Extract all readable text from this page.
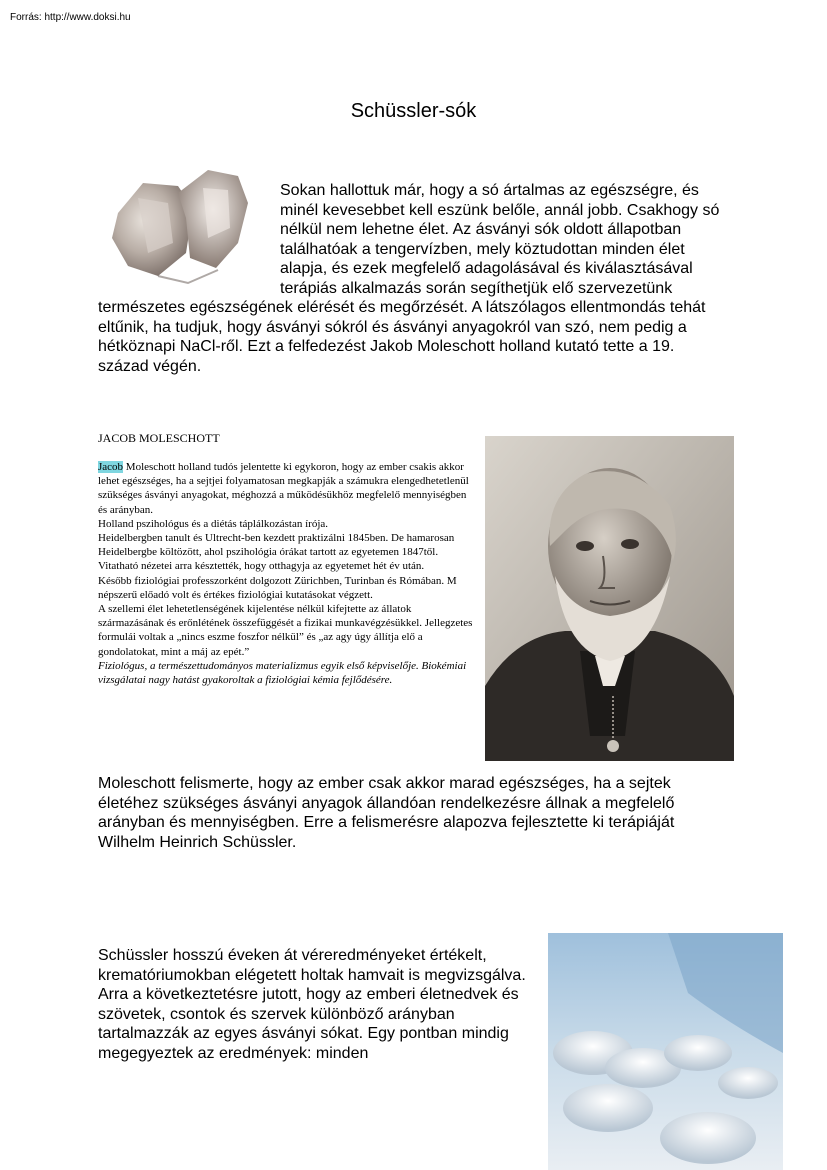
Forrás: http://www.doksi.hu
Schüssler-sók
Sokan hallottuk már, hogy a só ártalmas az egészségre, és minél kevesebbet kell eszünk belőle, annál jobb. Csakhogy só nélkül nem lehetne élet. Az ásványi sók oldott állapotban találhatóak a tengervízben, mely köztudottan minden élet alapja, és ezek megfelelő adagolásával és kiválasztásával terápiás alkalmazás során segíthetjük elő szervezetünk természetes egészségének elérését és megőrzését. A látszólagos ellentmondás tehát eltűnik, ha tudjuk, hogy ásványi sókról és ásványi anyagokról van szó, nem pedig a hétköznapi NaCl-ről. Ezt a felfedezést Jakob Moleschott holland kutató tette a 19. század végén.
JACOB MOLESCHOTT

Jacob Moleschott holland tudós jelentette ki egykoron, hogy az ember csakis akkor lehet egészséges, ha a sejtjei folyamatosan megkapják a számukra elengedhetetlenül szükséges ásványi anyagokat, méghozzá a működésükhöz megfelelő mennyiségben és arányban.

Holland pszihológus és a diétás táplálkozástan írója.

Heidelbergben tanult és Ultrecht-ben kezdett praktizálni 1845ben. De hamarosan Heidelbergbe költözött, ahol pszihológia órákat tartott az egyetemen 1847től. Vitatható nézetei arra késztették, hogy otthagyja az egyetemet hét év után.

Később fiziológiai professzorként dolgozott Zürichben, Turinban és Rómában. M népszerű előadó volt és értékes fiziológiai kutatásokat végzett.

A szellemi élet lehetetlenségének kijelentése nélkül kifejtette az állatok származásának és erőnlétének összefüggését a fizikai munkavégzésükkel. Jellegzetes formulái voltak a „nincs eszme foszfor nélkül” és „az agy úgy állítja elő a gondolatokat, mint a máj az epét.”

Fiziológus, a természettudományos materializmus egyik első képviselője. Biokémiai vizsgálatai nagy hatást gyakoroltak a fiziológiai kémia fejlődésére.

Moleschott felismerte, hogy az ember csak akkor marad egészséges, ha a sejtek életéhez szükséges ásványi anyagok állandóan rendelkezésre állnak a megfelelő arányban és mennyiségben. Erre a felismerésre alapozva fejlesztette ki terápiáját Wilhelm Heinrich Schüssler.
Schüssler hosszú éveken át véreredményeket értékelt, krematóriumokban elégetett holtak hamvait is megvizsgálva. Arra a következtetésre jutott, hogy az emberi életnedvek és szövetek, csontok és szervek különböző arányban tartalmazzák az egyes ásványi sókat. Egy pontban mindig megegyeztek az eredmények: minden
